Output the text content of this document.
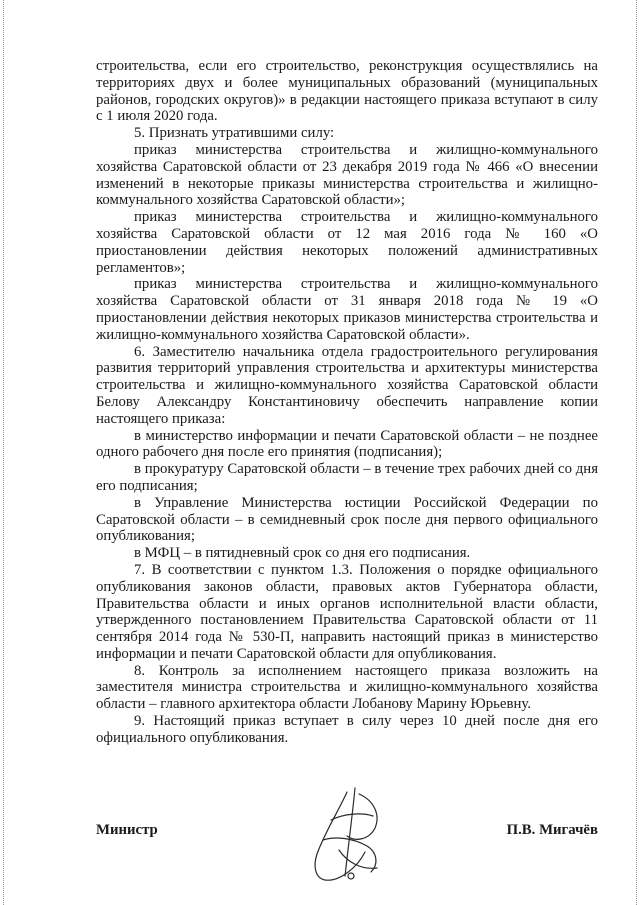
строительства, если его строительство, реконструкция осуществлялись на территориях двух и более муниципальных образований (муниципальных районов, городских округов)» в редакции настоящего приказа вступают в силу с 1 июля 2020 года.

5. Признать утратившими силу:

приказ министерства строительства и жилищно-коммунального хозяйства Саратовской области от 23 декабря 2019 года № 466 «О внесении изменений в некоторые приказы министерства строительства и жилищно-коммунального хозяйства Саратовской области»;

приказ министерства строительства и жилищно-коммунального хозяйства Саратовской области от 12 мая 2016 года № 160 «О приостановлении действия некоторых положений административных регламентов»;

приказ министерства строительства и жилищно-коммунального хозяйства Саратовской области от 31 января 2018 года № 19 «О приостановлении действия некоторых приказов министерства строительства и жилищно-коммунального хозяйства Саратовской области».

6. Заместителю начальника отдела градостроительного регулирования развития территорий управления строительства и архитектуры министерства строительства и жилищно-коммунального хозяйства Саратовской области Белову Александру Константиновичу обеспечить направление копии настоящего приказа:

в министерство информации и печати Саратовской области – не позднее одного рабочего дня после его принятия (подписания);

в прокуратуру Саратовской области – в течение трех рабочих дней со дня его подписания;

в Управление Министерства юстиции Российской Федерации по Саратовской области – в семидневный срок после дня первого официального опубликования;

в МФЦ – в пятидневный срок со дня его подписания.

7. В соответствии с пунктом 1.3. Положения о порядке официального опубликования законов области, правовых актов Губернатора области, Правительства области и иных органов исполнительной власти области, утвержденного постановлением Правительства Саратовской области от 11 сентября 2014 года № 530-П, направить настоящий приказ в министерство информации и печати Саратовской области для опубликования.

8. Контроль за исполнением настоящего приказа возложить на заместителя министра строительства и жилищно-коммунального хозяйства области – главного архитектора области Лобанову Марину Юрьевну.

9. Настоящий приказ вступает в силу через 10 дней после дня его официального опубликования.

Министр	П.В. Мигачёв
